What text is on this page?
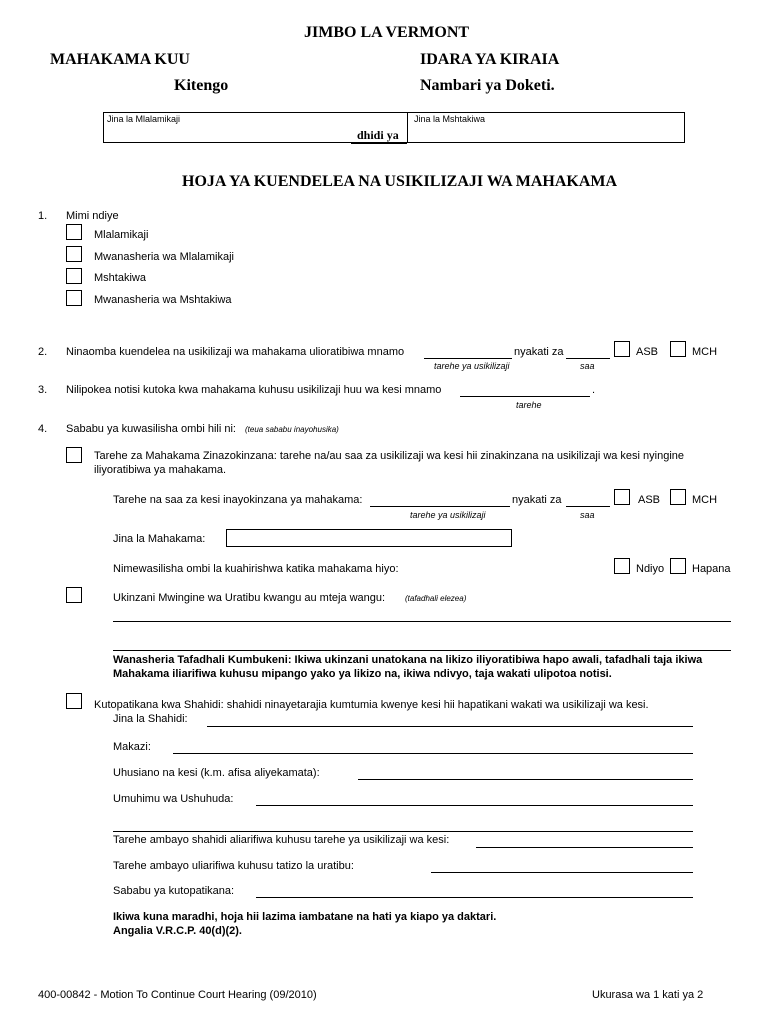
JIMBO LA VERMONT
MAHAKAMA KUU	IDARA YA KIRAIA
Kitengo	Nambari ya Doketi.
Jina la Mlalamikaji
dhidi ya
Jina la Mshtakiwa
HOJA YA KUENDELEA NA USIKILIZAJI WA MAHAKAMA
1. Mimi ndiye
Mlalamikaji
Mwanasheria wa Mlalamikaji
Mshtakiwa
Mwanasheria wa Mshtakiwa
2. Ninaomba kuendelea na usikilizaji wa mahakama ulioratibiwa mnamo	nyakati za	ASB	MCH
tarehe ya usikilizaji	saa
3. Nilipokea notisi kutoka kwa mahakama kuhusu usikilizaji huu wa kesi mnamo	.
tarehe
4. Sababu ya kuwasilisha ombi hili ni: (teua sababu inayohusika)
Tarehe za Mahakama Zinazokinzana: tarehe na/au saa za usikilizaji wa kesi hii zinakinzana na usikilizaji wa kesi nyingine
iliyoratibiwa ya mahakama.
Tarehe na saa za kesi inayokinzana ya mahakama:	nyakati za	ASB	MCH
tarehe ya usikilizaji	saa
Jina la Mahakama:
Nimewasilisha ombi la kuahirishwa katika mahakama hiyo:	Ndiyo	Hapana
Ukinzani Mwingine wa Uratibu kwangu au mteja wangu: (tafadhali elezea)
Wanasheria Tafadhali Kumbukeni: Ikiwa ukinzani unatokana na likizo iliyoratibiwa hapo awali, tafadhali taja ikiwa
Mahakama iliarifiwa kuhusu mipango yako ya likizo na, ikiwa ndivyo, taja wakati ulipotoa notisi.
Kutopatikana kwa Shahidi: shahidi ninayetarajia kumtumia kwenye kesi hii hapatikani wakati wa usikilizaji wa kesi.
Jina la Shahidi:
Makazi:
Uhusiano na kesi (k.m. afisa aliyekamata):
Umuhimu wa Ushuhuda:
Tarehe ambayo shahidi aliarifiwa kuhusu tarehe ya usikilizaji wa kesi:
Tarehe ambayo uliarifiwa kuhusu tatizo la uratibu:
Sababu ya kutopatikana:
Ikiwa kuna maradhi, hoja hii lazima iambatane na hati ya kiapo ya daktari.
Angalia V.R.C.P. 40(d)(2).
400-00842 - Motion To Continue Court Hearing (09/2010)	Ukurasa wa 1 kati ya 2
